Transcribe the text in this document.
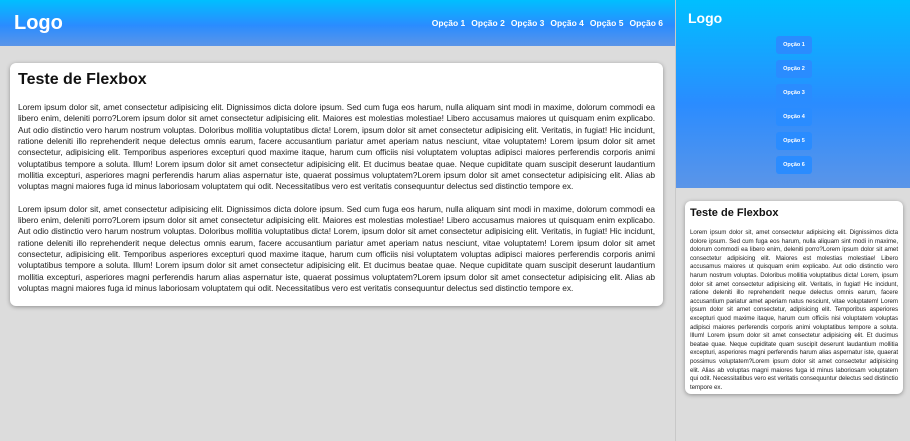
Logo	Opção 1 Opção 2 Opção 3 Opção 4 Opção 5 Opção 6
Teste de Flexbox

Lorem ipsum dolor sit, amet consectetur adipisicing elit. Dignissimos dicta dolore ipsum. Sed cum fuga eos harum, nulla aliquam sint modi in maxime, dolorum commodi ea libero enim, deleniti porro?Lorem ipsum dolor sit amet consectetur adipisicing elit. Maiores est molestias molestiae! Libero accusamus maiores ut quisquam enim explicabo. Aut odio distinctio vero harum nostrum voluptas. Doloribus mollitia voluptatibus dicta! Lorem, ipsum dolor sit amet consectetur adipisicing elit. Veritatis, in fugiat! Hic incidunt, ratione deleniti illo reprehenderit neque delectus omnis earum, facere accusantium pariatur amet aperiam natus nesciunt, vitae voluptatem! Lorem ipsum dolor sit amet consectetur, adipisicing elit. Temporibus asperiores excepturi quod maxime itaque, harum cum officiis nisi voluptatem voluptas adipisci maiores perferendis corporis animi voluptatibus tempore a soluta. Illum! Lorem ipsum dolor sit amet consectetur adipisicing elit. Et ducimus beatae quae. Neque cupiditate quam suscipit deserunt laudantium mollitia excepturi, asperiores magni perferendis harum alias aspernatur iste, quaerat possimus voluptatem?Lorem ipsum dolor sit amet consectetur adipisicing elit. Alias ab voluptas magni maiores fuga id minus laboriosam voluptatem qui odit. Necessitatibus vero est veritatis consequuntur delectus sed distinctio tempore ex.

Lorem ipsum dolor sit, amet consectetur adipisicing elit. Dignissimos dicta dolore ipsum. Sed cum fuga eos harum, nulla aliquam sint modi in maxime, dolorum commodi ea libero enim, deleniti porro?Lorem ipsum dolor sit amet consectetur adipisicing elit. Maiores est molestias molestiae! Libero accusamus maiores ut quisquam enim explicabo. Aut odio distinctio vero harum nostrum voluptas. Doloribus mollitia voluptatibus dicta! Lorem, ipsum dolor sit amet consectetur adipisicing elit. Veritatis, in fugiat! Hic incidunt, ratione deleniti illo reprehenderit neque delectus omnis earum, facere accusantium pariatur amet aperiam natus nesciunt, vitae voluptatem! Lorem ipsum dolor sit amet consectetur, adipisicing elit. Temporibus asperiores excepturi quod maxime itaque, harum cum officiis nisi voluptatem voluptas adipisci maiores perferendis corporis animi voluptatibus tempore a soluta. Illum! Lorem ipsum dolor sit amet consectetur adipisicing elit. Et ducimus beatae quae. Neque cupiditate quam suscipit deserunt laudantium mollitia excepturi, asperiores magni perferendis harum alias aspernatur iste, quaerat possimus voluptatem?Lorem ipsum dolor sit amet consectetur adipisicing elit. Alias ab voluptas magni maiores fuga id minus laboriosam voluptatem qui odit. Necessitatibus vero est veritatis consequuntur delectus sed distinctio tempore ex.

Logo
Opção 1
Opção 2
Opção 3
Opção 4
Opção 5
Opção 6
Teste de Flexbox

Lorem ipsum dolor sit, amet consectetur adipisicing elit. Dignissimos dicta dolore ipsum. Sed cum fuga eos harum, nulla aliquam sint modi in maxime, dolorum commodi ea libero enim, deleniti porro?Lorem ipsum dolor sit amet consectetur adipisicing elit. Maiores est molestias molestiae! Libero accusamus maiores ut quisquam enim explicabo. Aut odio distinctio vero harum nostrum voluptas. Doloribus mollitia voluptatibus dicta! Lorem, ipsum dolor sit amet consectetur adipisicing elit. Veritatis, in fugiat! Hic incidunt, ratione deleniti illo reprehenderit neque delectus omnis earum, facere accusantium pariatur amet aperiam natus nesciunt, vitae voluptatem! Lorem ipsum dolor sit amet consectetur, adipisicing elit. Temporibus asperiores excepturi quod maxime itaque, harum cum officiis nisi voluptatem voluptas adipisci maiores perferendis corporis animi voluptatibus tempore a soluta. Illum! Lorem ipsum dolor sit amet consectetur adipisicing elit. Et ducimus beatae quae. Neque cupiditate quam suscipit deserunt laudantium mollitia excepturi, asperiores magni perferendis harum alias aspernatur iste, quaerat possimus voluptatem?Lorem ipsum dolor sit amet consectetur adipisicing elit. Alias ab voluptas magni maiores fuga id minus laboriosam voluptatem qui odit. Necessitatibus vero est veritatis consequuntur delectus sed distinctio tempore ex.
